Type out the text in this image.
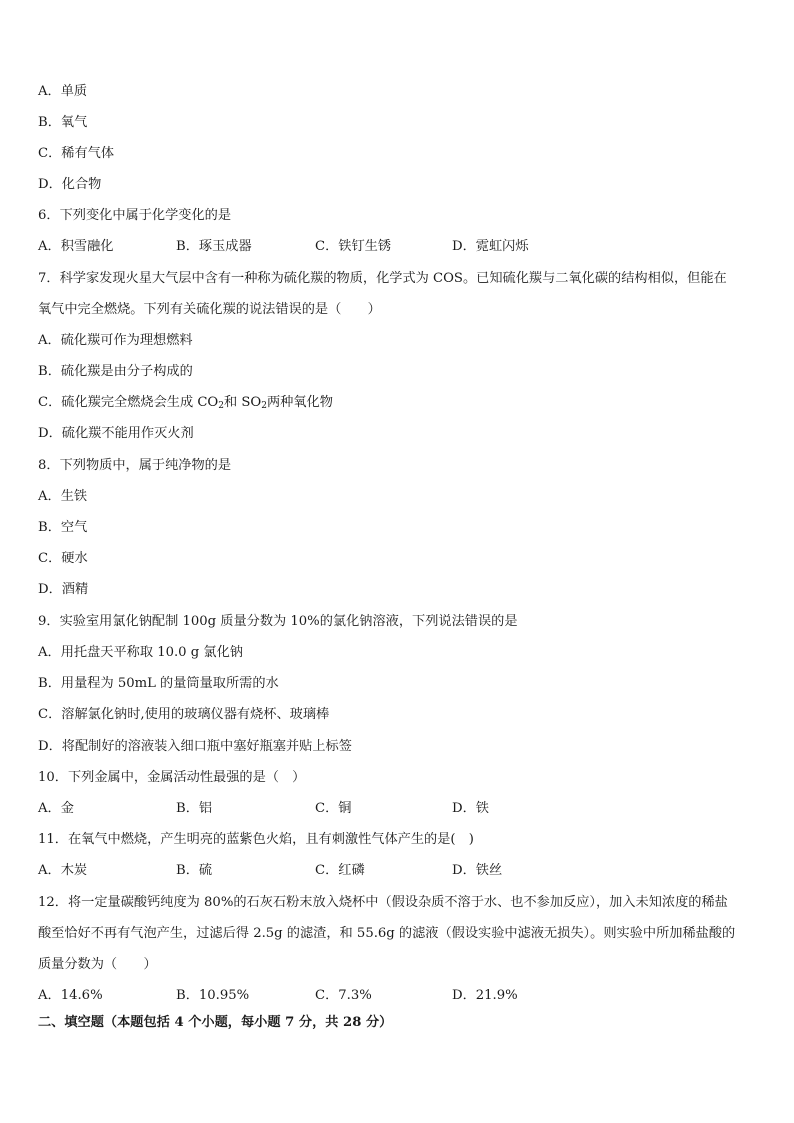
A．单质
B．氧气
C．稀有气体
D．化合物
6．下列变化中属于化学变化的是
A．积雪融化	B．琢玉成器	C．铁钉生锈	D．霓虹闪烁
7．科学家发现火星大气层中含有一种称为硫化羰的物质，化学式为 COS。已知硫化羰与二氧化碳的结构相似，但能在
氧气中完全燃烧。下列有关硫化羰的说法错误的是（　　）
A．硫化羰可作为理想燃料
B．硫化羰是由分子构成的
C．硫化羰完全燃烧会生成 $CO_2$和 $SO_2$两种氧化物
D．硫化羰不能用作灭火剂
8．下列物质中，属于纯净物的是
A．生铁
B．空气
C．硬水
D．酒精
9．实验室用氯化钠配制 100g 质量分数为 10%的氯化钠溶液，下列说法错误的是
A．用托盘天平称取 10.0 g 氯化钠
B．用量程为 50mL 的量筒量取所需的水
C．溶解氯化钠时,使用的玻璃仪器有烧杯、玻璃棒
D．将配制好的溶液装入细口瓶中塞好瓶塞并贴上标签
10．下列金属中，金属活动性最强的是（　）
A．金	B．铝	C．铜	D．铁
11．在氧气中燃烧，产生明亮的蓝紫色火焰，且有刺激性气体产生的是(　)
A．木炭	B．硫	C．红磷	D．铁丝
12．将一定量碳酸钙纯度为 80%的石灰石粉末放入烧杯中（假设杂质不溶于水、也不参加反应），加入未知浓度的稀盐
酸至恰好不再有气泡产生，过滤后得 2.5g 的滤渣，和 55.6g 的滤液（假设实验中滤液无损失）。则实验中所加稀盐酸的
质量分数为（　　）
A．14.6%	B．10.95%	C．7.3%	D．21.9%
二、填空题（本题包括 4 个小题，每小题 7 分，共 28 分）
